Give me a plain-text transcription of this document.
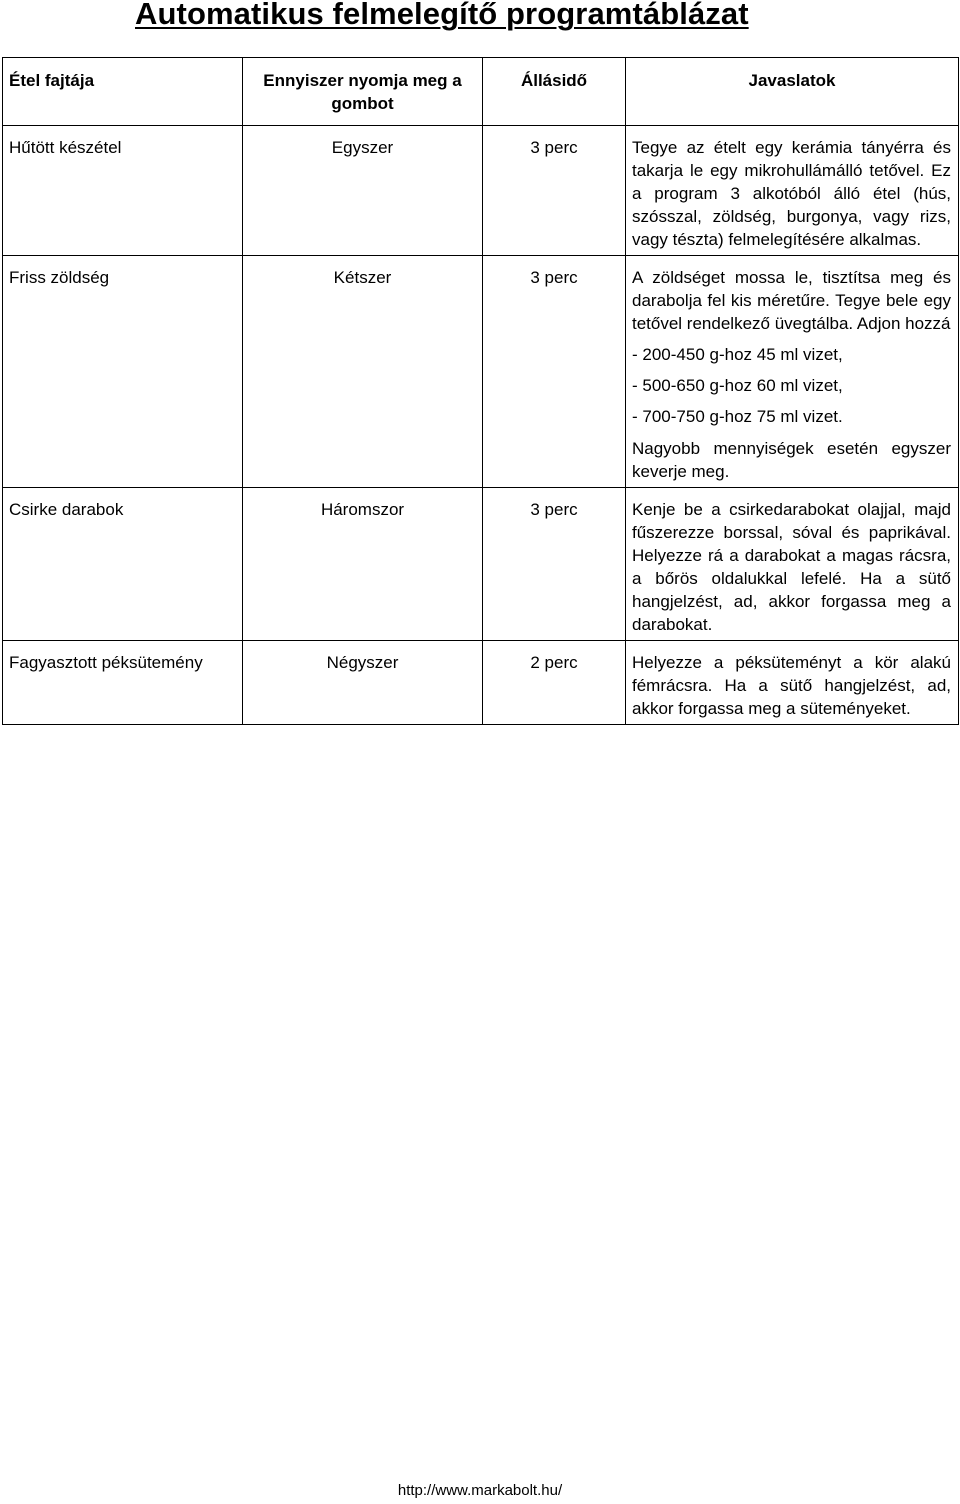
Automatikus felmelegítő programtáblázat
Étel fajtája	Ennyiszer nyomja meg a gombot	Állásidő	Javaslatok
Hűtött készétel	Egyszer	3 perc	Tegye az ételt egy kerámia tányérra és takarja le egy mikrohullámálló tetővel. Ez a program 3 alkotóból álló étel (hús, szósszal, zöldség, burgonya, vagy rizs, vagy tészta) felmelegítésére alkalmas.

Friss zöldség	Kétszer	3 perc	A zöldséget mossa le, tisztítsa meg és darabolja fel kis méretűre. Tegye bele egy tetővel rendelkező üvegtálba. Adjon hozzá

- 200-450 g-hoz 45 ml vizet,

- 500-650 g-hoz 60 ml vizet,

- 700-750 g-hoz 75 ml vizet.

Nagyobb mennyiségek esetén egyszer keverje meg.

Csirke darabok	Háromszor	3 perc	Kenje be a csirkedarabokat olajjal, majd fűszerezze borssal, sóval és paprikával. Helyezze rá a darabokat a magas rácsra, a bőrös oldalukkal lefelé. Ha a sütő hangjelzést, ad, akkor forgassa meg a darabokat.

Fagyasztott péksütemény	Négyszer	2 perc	Helyezze a péksüteményt a kör alakú fémrácsra. Ha a sütő hangjelzést, ad, akkor forgassa meg a süteményeket.

http://www.markabolt.hu/
